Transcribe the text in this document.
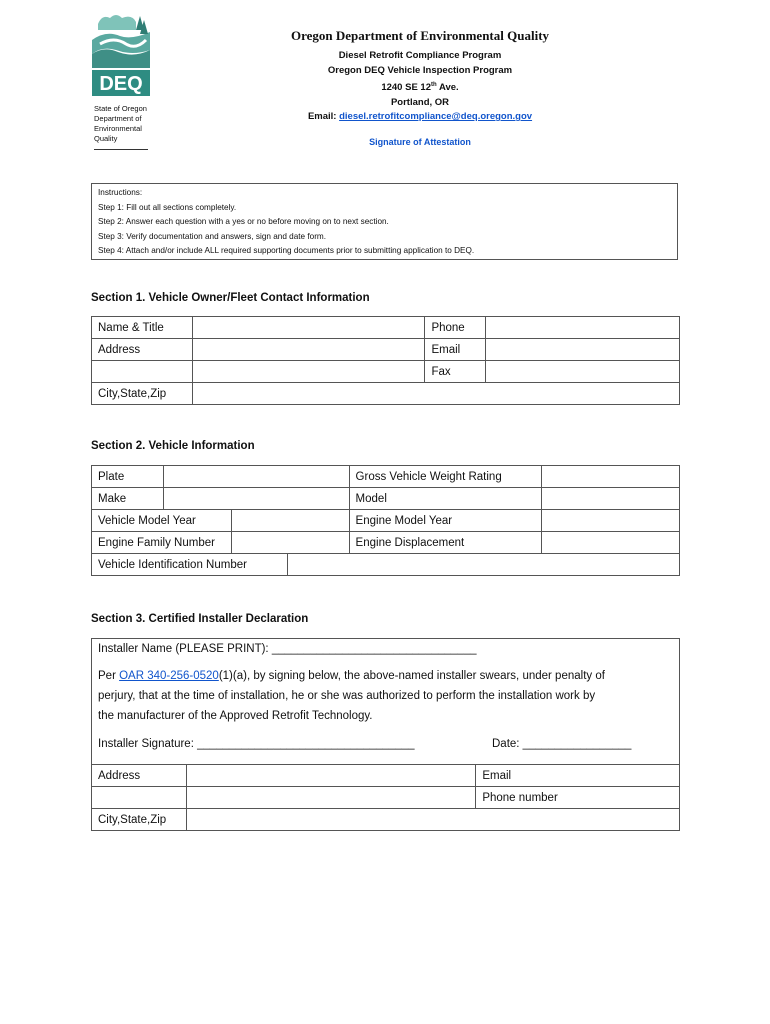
DEQ
State of Oregon
Department of
Environmental
Quality
Oregon Department of Environmental Quality
Diesel Retrofit Compliance Program
Oregon DEQ Vehicle Inspection Program
1240 SE 12th Ave.
Portland, OR
Email: diesel.retrofitcompliance@deq.oregon.gov
Signature of Attestation
Instructions:
Step 1: Fill out all sections completely.
Step 2: Answer each question with a yes or no before moving on to next section.
Step 3: Verify documentation and answers, sign and date form.
Step 4: Attach and/or include ALL required supporting documents prior to submitting application to DEQ.
Section 1. Vehicle Owner/Fleet Contact Information
Name & Title		Phone	
Address		Email	
		Fax	
City,State,Zip			
Section 2. Vehicle Information
Plate				Gross Vehicle Weight Rating	
Make				Model	
Vehicle Model Year				Engine Model Year	
Engine Family Number				Engine Displacement	
Vehicle Identification Number					
Section 3. Certified Installer Declaration
Installer Name (PLEASE PRINT): ________________________________
Per OAR 340-256-0520(1)(a), by signing below, the above-named installer swears, under penalty of
perjury, that at the time of installation, he or she was authorized to perform the installation work by
the manufacturer of the Approved Retrofit Technology.
Installer Signature: __________________________________	Date: _________________
Address		Email
		Phone number
City,State,Zip		
